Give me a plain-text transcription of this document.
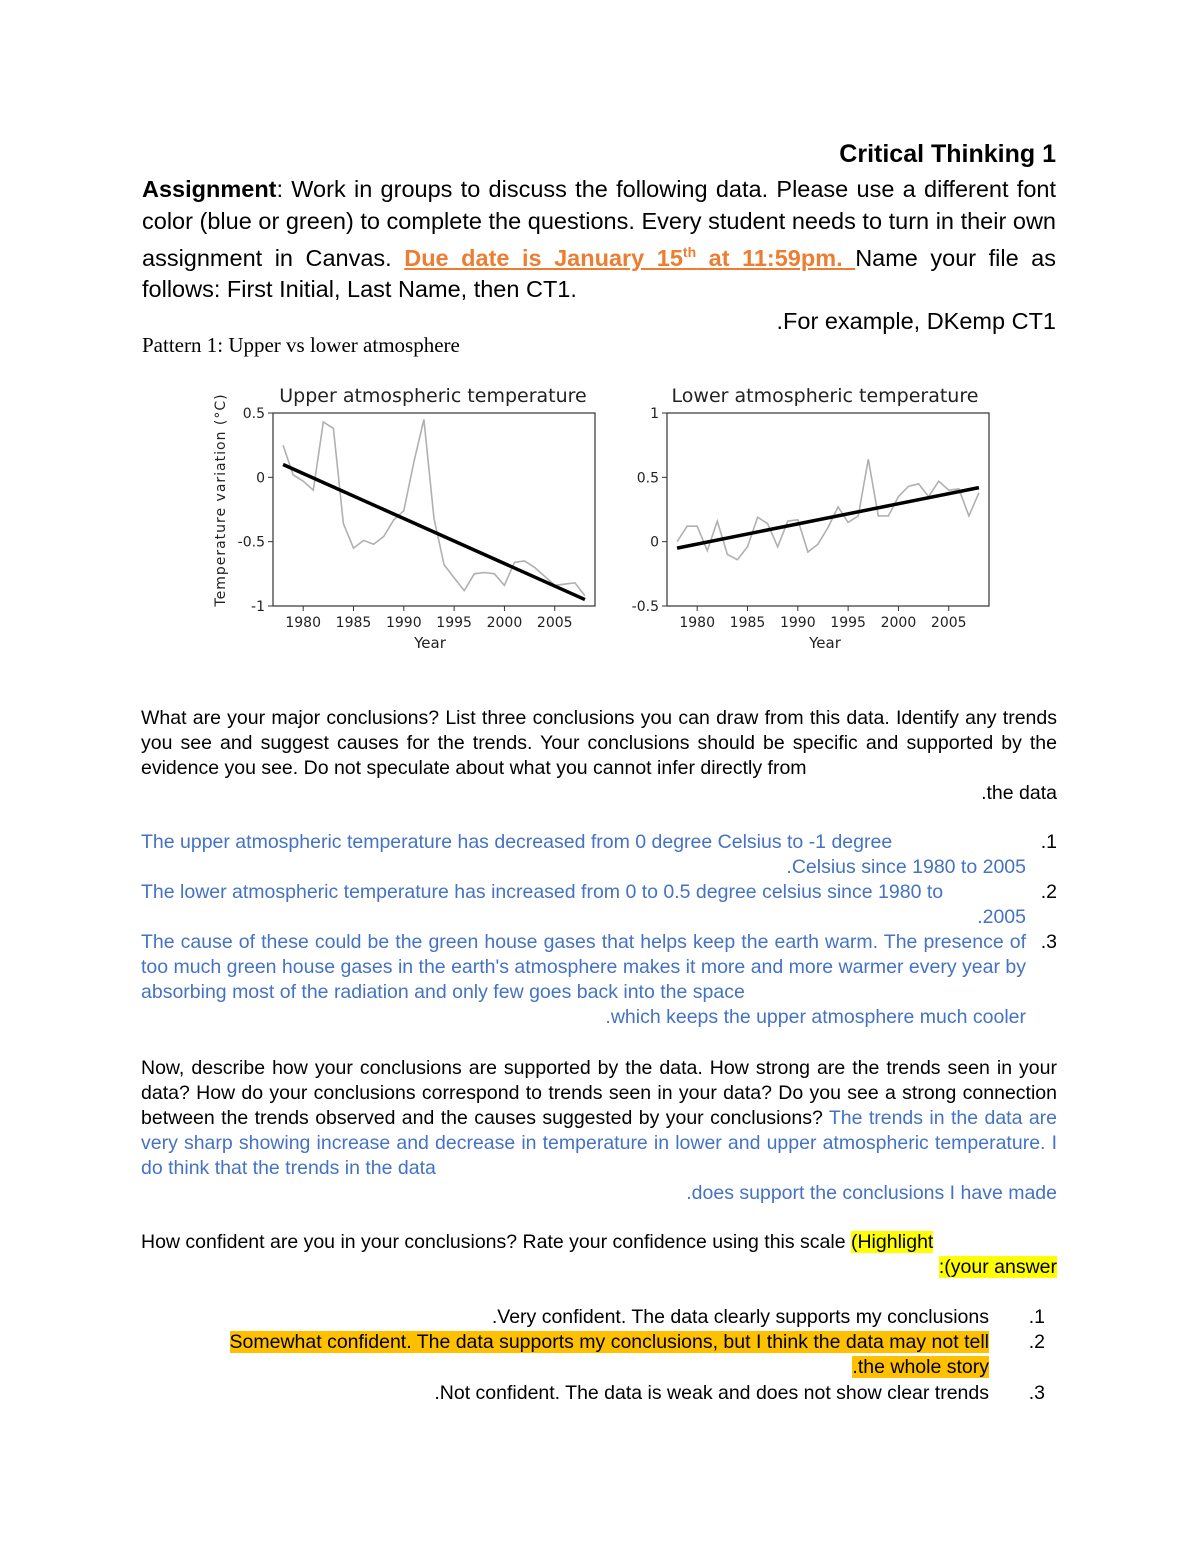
Critical Thinking 1
Assignment: Work in groups to discuss the following data. Please use a different font color (blue or green) to complete the questions. Every student needs to turn in their own assignment in Canvas. Due date is January 15th at 11:59pm. Name your file as follows: First Initial, Last Name, then CT1.
.For example, DKemp CT1
Pattern 1: Upper vs lower atmosphere
Upper atmospheric temperature
Temperature variation (°C) 0.5
0
-0.5
-1
1980 1985 1990 1995 2000 2005
Year
Lower atmospheric temperature
1
0.5
0
-0.5
1980 1985 1990 1995 2000 2005
Year
What are your major conclusions? List three conclusions you can draw from this data. Identify any trends you see and suggest causes for the trends. Your conclusions should be specific and supported by the evidence you see. Do not speculate about what you cannot infer directly from
.the data
.1
The upper atmospheric temperature has decreased from 0 degree Celsius to -1 degree
.Celsius since 1980 to 2005
.2
The lower atmospheric temperature has increased from 0 to 0.5 degree celsius since 1980 to
.2005
.3
The cause of these could be the green house gases that helps keep the earth warm. The presence of too much green house gases in the earth's atmosphere makes it more and more warmer every year by absorbing most of the radiation and only few goes back into the space
.which keeps the upper atmosphere much cooler
Now, describe how your conclusions are supported by the data. How strong are the trends seen in your data? How do your conclusions correspond to trends seen in your data? Do you see a strong connection between the trends observed and the causes suggested by your conclusions? The trends in the data are very sharp showing increase and decrease in temperature in lower and upper atmospheric temperature. I do think that the trends in the data
.does support the conclusions I have made
How confident are you in your conclusions? Rate your confidence using this scale (Highlight
:(your answer
.1
.Very confident. The data clearly supports my conclusions
.2
Somewhat confident. The data supports my conclusions, but I think the data may not tell
.the whole story
.3
.Not confident. The data is weak and does not show clear trends
